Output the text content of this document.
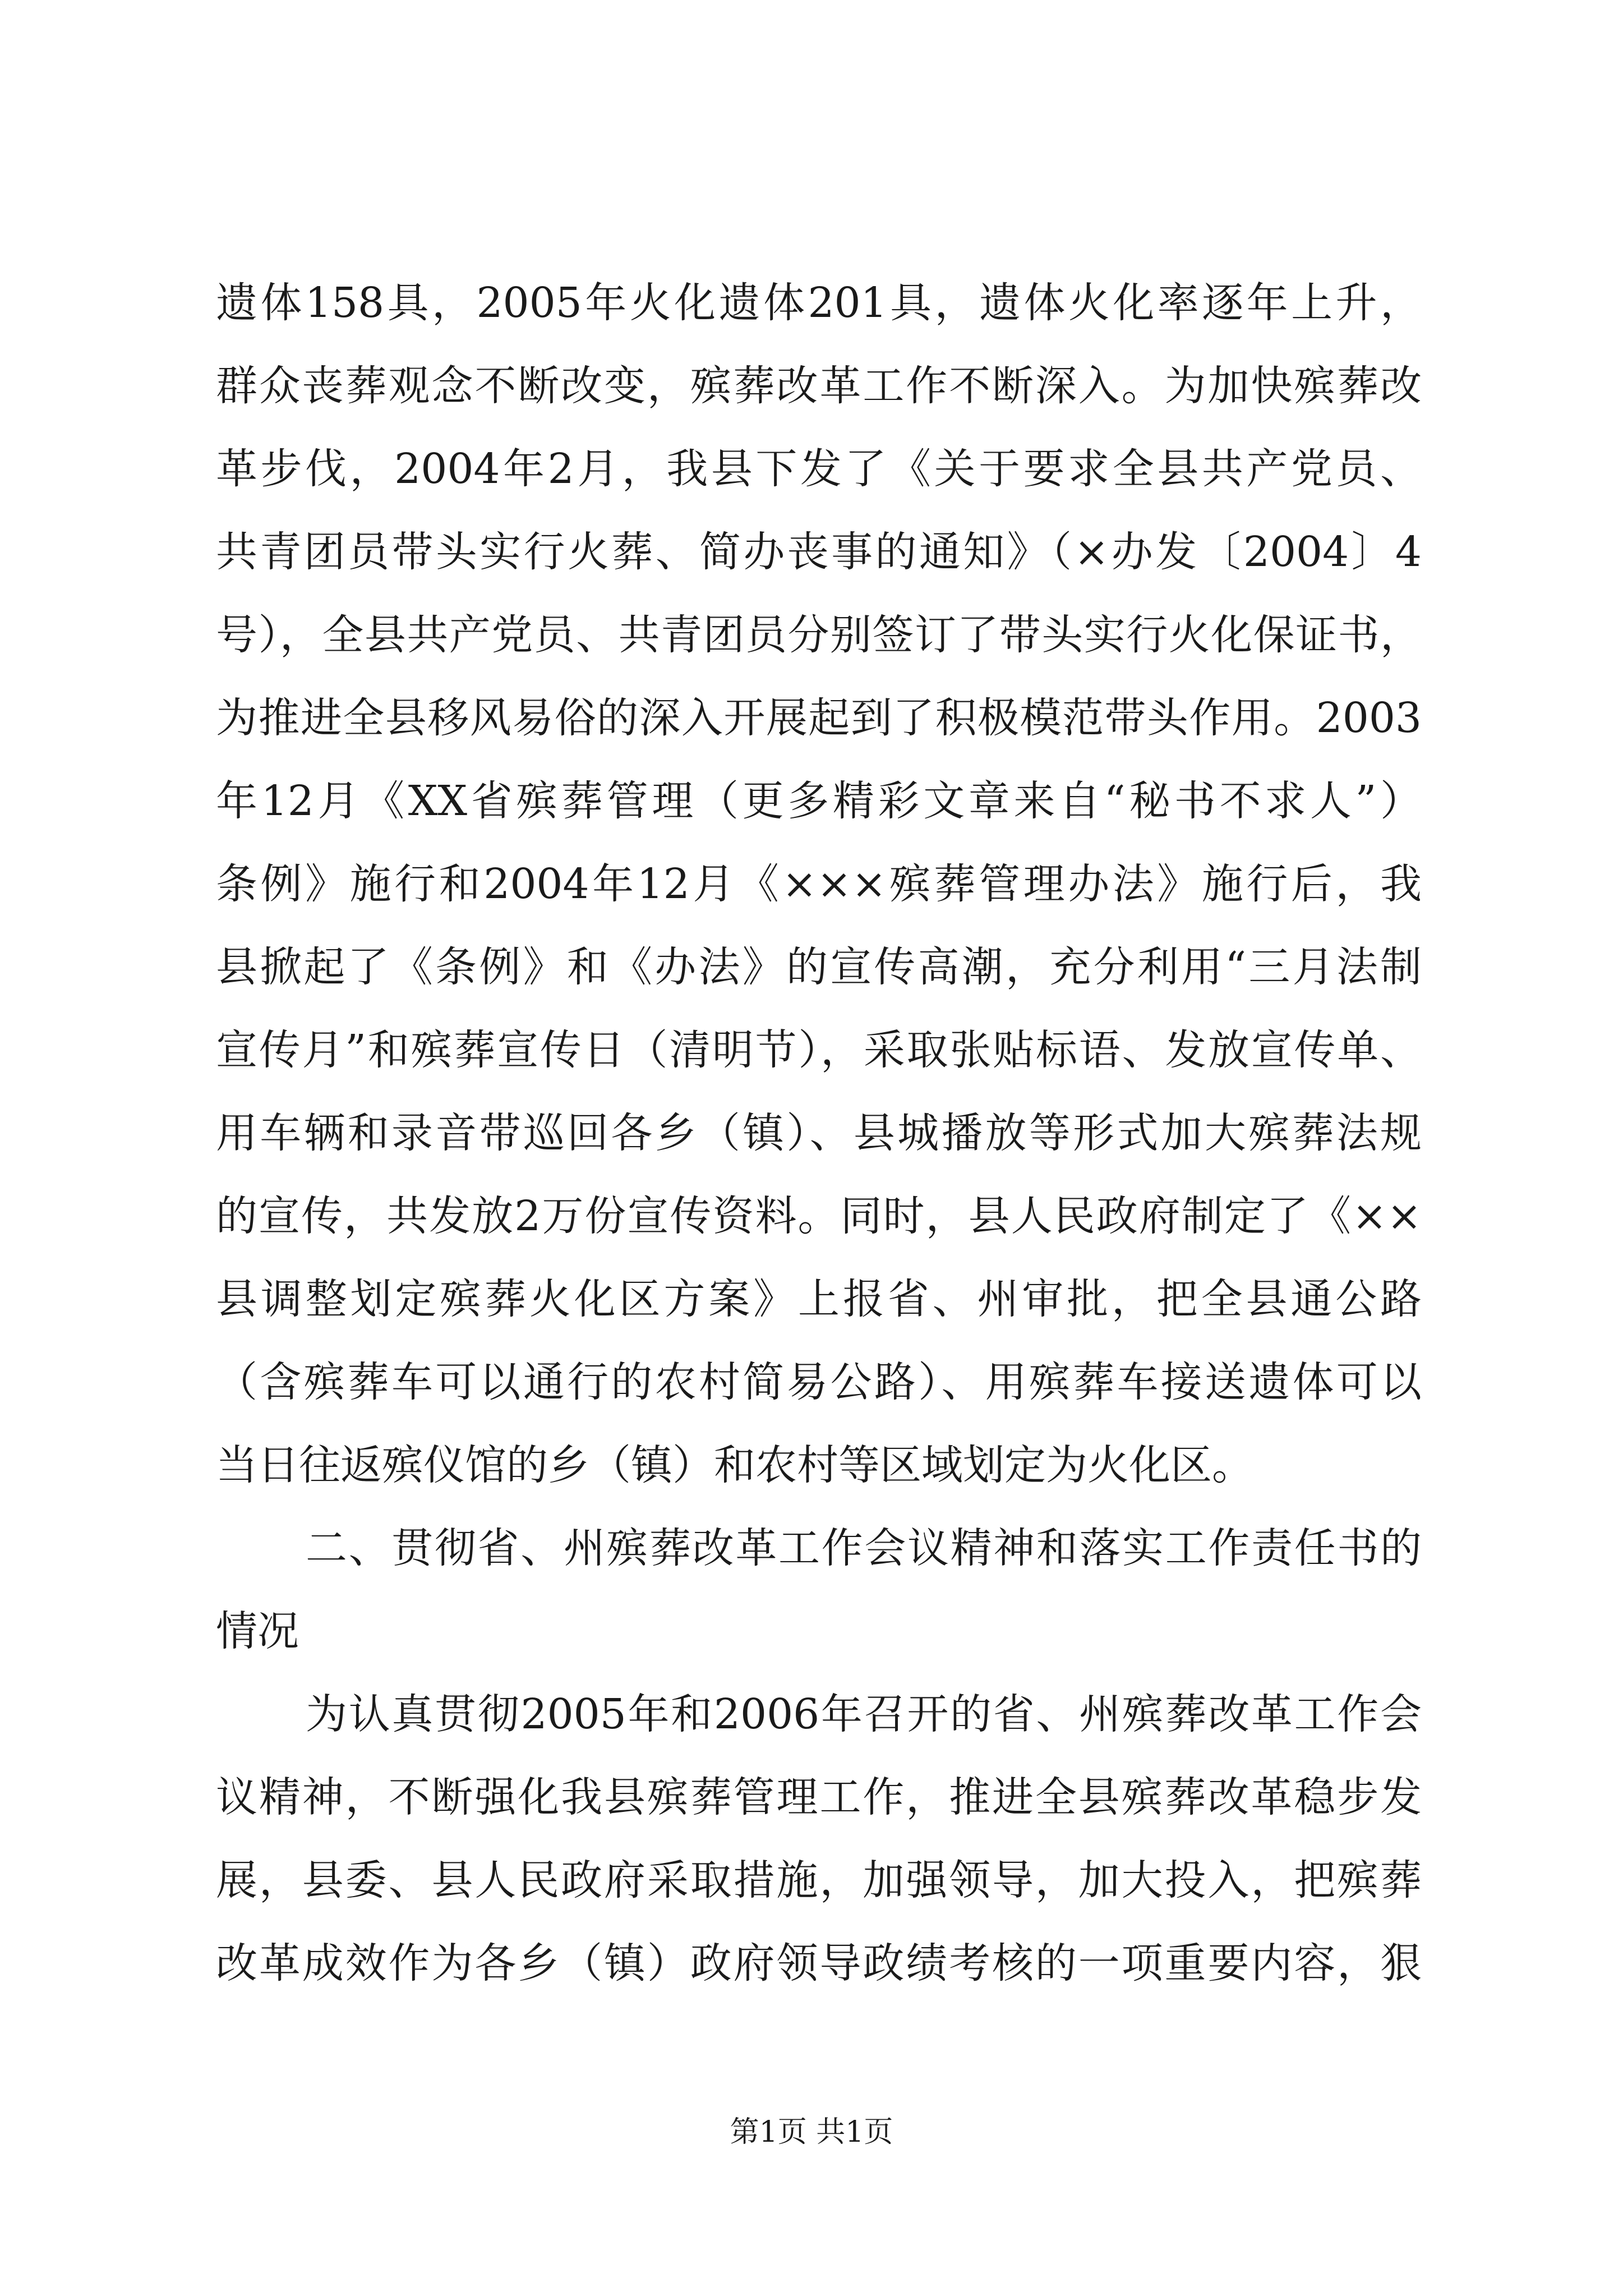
遗体158具，2005年火化遗体201具，遗体火化率逐年上升，
群众丧葬观念不断改变，殡葬改革工作不断深入。为加快殡葬改
革步伐，2004年2月，我县下发了《关于要求全县共产党员、
共青团员带头实行火葬、简办丧事的通知》（×办发〔2004〕4
号），全县共产党员、共青团员分别签订了带头实行火化保证书，
为推进全县移风易俗的深入开展起到了积极模范带头作用。2003
年12月《XX省殡葬管理（更多精彩文章来自“秘书不求人”）
条例》施行和2004年12月《×××殡葬管理办法》施行后，我
县掀起了《条例》和《办法》的宣传高潮，充分利用“三月法制
宣传月”和殡葬宣传日（清明节），采取张贴标语、发放宣传单、
用车辆和录音带巡回各乡（镇）、县城播放等形式加大殡葬法规
的宣传，共发放2万份宣传资料。同时，县人民政府制定了《××
县调整划定殡葬火化区方案》上报省、州审批，把全县通公路
（含殡葬车可以通行的农村简易公路）、用殡葬车接送遗体可以
当日往返殡仪馆的乡（镇）和农村等区域划定为火化区。
二、贯彻省、州殡葬改革工作会议精神和落实工作责任书的
情况
为认真贯彻2005年和2006年召开的省、州殡葬改革工作会
议精神，不断强化我县殡葬管理工作，推进全县殡葬改革稳步发
展，县委、县人民政府采取措施，加强领导，加大投入，把殡葬
改革成效作为各乡（镇）政府领导政绩考核的一项重要内容，狠
第1页 共1页
